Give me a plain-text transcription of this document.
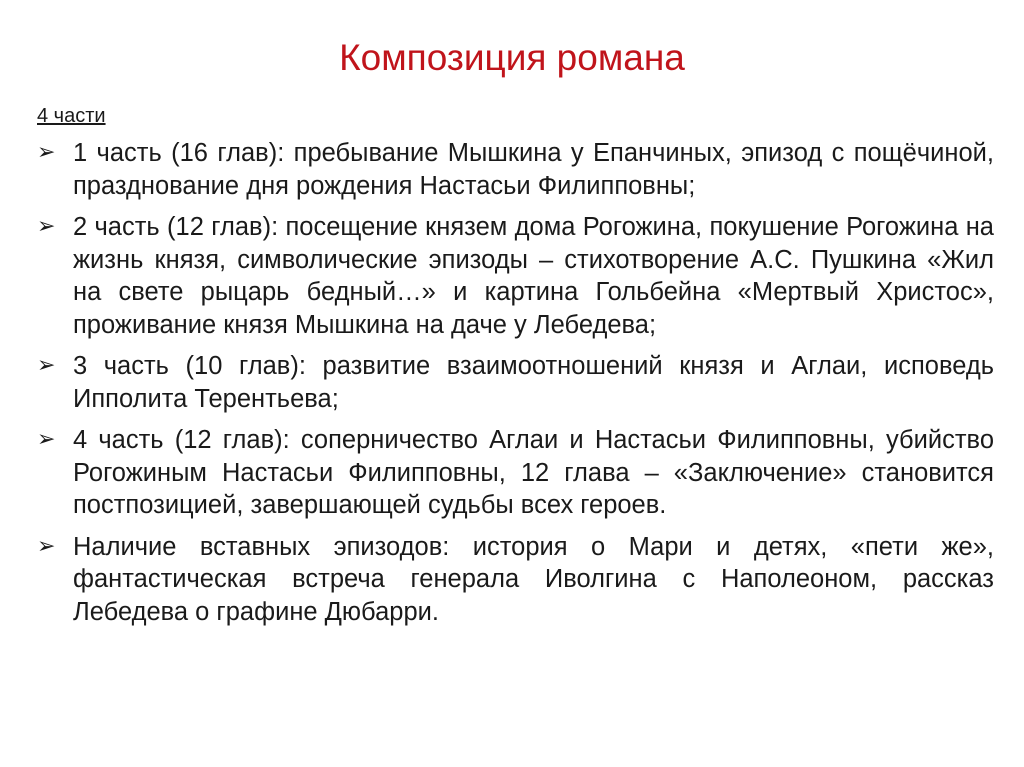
Композиция романа
4 части
➢ 1 часть (16 глав): пребывание Мышкина у Епанчиных, эпизод с пощёчиной, празднование дня рождения Настасьи Филипповны;
➢ 2 часть (12 глав): посещение князем дома Рогожина, покушение Рогожина на жизнь князя, символические эпизоды – стихотворение А.С. Пушкина «Жил на свете рыцарь бедный…» и картина Гольбейна «Мертвый Христос», проживание князя Мышкина на даче у Лебедева;
➢ 3 часть (10 глав): развитие взаимоотношений князя и Аглаи, исповедь Ипполита Терентьева;
➢ 4 часть (12 глав): соперничество Аглаи и Настасьи Филипповны, убийство Рогожиным Настасьи Филипповны, 12 глава – «Заключение» становится постпозицией, завершающей судьбы всех героев.
➢ Наличие вставных эпизодов: история о Мари и детях, «пети же», фантастическая встреча генерала Иволгина с Наполеоном, рассказ Лебедева о графине Дюбарри.
